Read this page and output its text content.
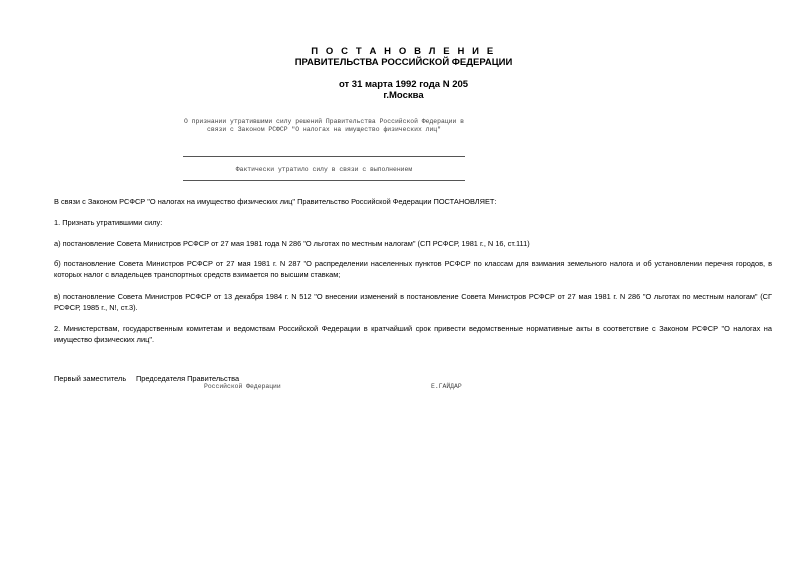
П О С Т А Н О В Л Е Н И Е
ПРАВИТЕЛЬСТВА РОССИЙСКОЙ ФЕДЕРАЦИИ
от 31 марта 1992 года N 205
г.Москва
О признании утратившими силу решений Правительства Российской Федерации в связи с Законом РСФСР "О налогах на имущество физических лиц"
Фактически утратило силу в связи с выполнением
В связи с Законом РСФСР "О налогах на имущество физических лиц" Правительство Российской Федерации ПОСТАНОВЛЯЕТ:
1. Признать утратившими силу:
а) постановление Совета Министров РСФСР от 27 мая 1981 года N 286 "О льготах по местным налогам" (СП РСФСР, 1981 г., N 16, ст.111)
б) постановление Совета Министров РСФСР от 27 мая 1981 г. N 287 "О распределении населенных пунктов РСФСР по классам для взимания земельного налога и об установлении перечня городов, в которых налог с владельцев транспортных средств взимается по высшим ставкам;
в) постановление Совета Министров РСФСР от 13 декабря 1984 г. N 512 "О внесении изменений в постановление Совета Министров РСФСР от 27 мая 1981 г. N 286 "О льготах по местным налогам" (СГ РСФСР, 1985 г., N!, ст.3).
2. Министерствам, государственным комитетам и ведомствам Российской Федерации в кратчайший срок привести ведомственные нормативные акты в соответствие с Законом РСФСР "О налогах на имущество физических лиц".
Первый заместитель Председателя Правительства
Российской Федерации	Е.ГАЙДАР
